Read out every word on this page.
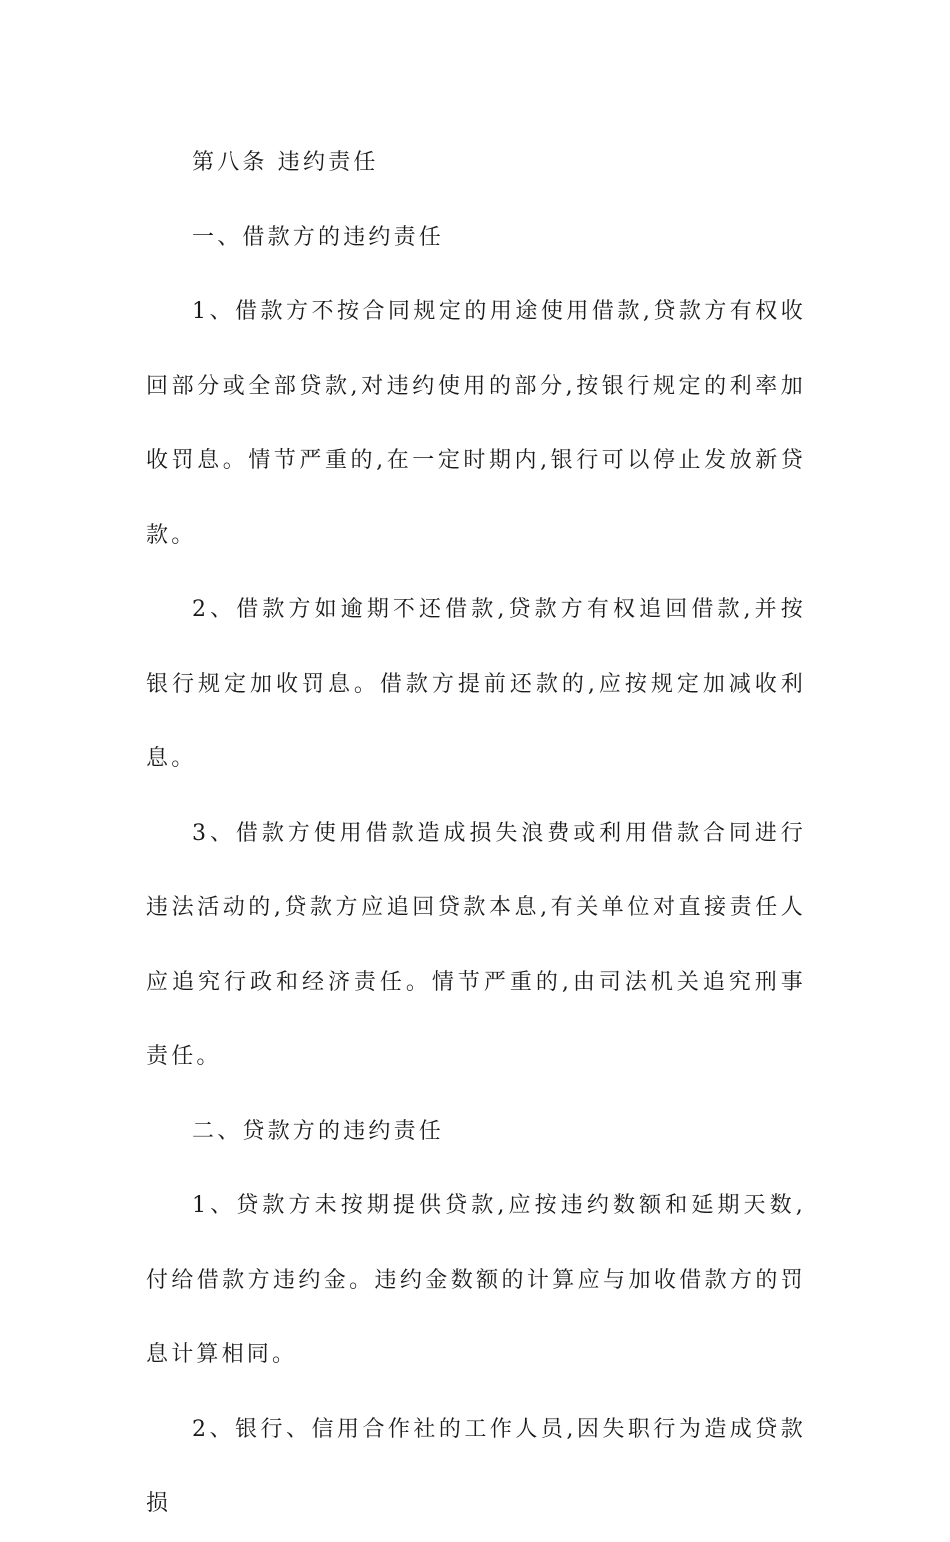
第八条 违约责任

一、借款方的违约责任

1、借款方不按合同规定的用途使用借款,贷款方有权收回部分或全部贷款,对违约使用的部分,按银行规定的利率加收罚息。情节严重的,在一定时期内,银行可以停止发放新贷款。

2、借款方如逾期不还借款,贷款方有权追回借款,并按银行规定加收罚息。借款方提前还款的,应按规定加减收利息。

3、借款方使用借款造成损失浪费或利用借款合同进行违法活动的,贷款方应追回贷款本息,有关单位对直接责任人应追究行政和经济责任。情节严重的,由司法机关追究刑事责任。

二、贷款方的违约责任

1、贷款方未按期提供贷款,应按违约数额和延期天数,付给借款方违约金。违约金数额的计算应与加收借款方的罚息计算相同。

2、银行、信用合作社的工作人员,因失职行为造成贷款损
